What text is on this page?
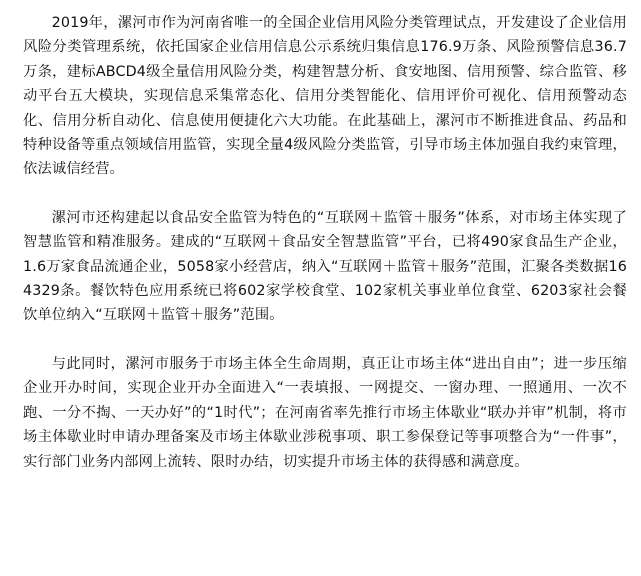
2019年，漯河市作为河南省唯一的全国企业信用风险分类管理试点，开发建设了企业信用风险分类管理系统，依托国家企业信用信息公示系统归集信息176.9万条、风险预警信息36.7万条，建标ABCD4级全量信用风险分类，构建智慧分析、食安地图、信用预警、综合监管、移动平台五大模块，实现信息采集常态化、信用分类智能化、信用评价可视化、信用预警动态化、信用分析自动化、信息使用便捷化六大功能。在此基础上，漯河市不断推进食品、药品和特种设备等重点领域信用监管，实现全量4级风险分类监管，引导市场主体加强自我约束管理，依法诚信经营。

漯河市还构建起以食品安全监管为特色的“互联网＋监管＋服务”体系，对市场主体实现了智慧监管和精准服务。建成的“互联网＋食品安全智慧监管”平台，已将490家食品生产企业，1.6万家食品流通企业，5058家小经营店，纳入“互联网＋监管＋服务”范围，汇聚各类数据164329条。餐饮特色应用系统已将602家学校食堂、102家机关事业单位食堂、6203家社会餐饮单位纳入“互联网＋监管＋服务”范围。

与此同时，漯河市服务于市场主体全生命周期，真正让市场主体“进出自由”；进一步压缩企业开办时间，实现企业开办全面进入“一表填报、一网提交、一窗办理、一照通用、一次不跑、一分不掏、一天办好”的“1时代”；在河南省率先推行市场主体歇业“联办并审”机制，将市场主体歇业时申请办理备案及市场主体歇业涉税事项、职工参保登记等事项整合为“一件事”，实行部门业务内部网上流转、限时办结，切实提升市场主体的获得感和满意度。
